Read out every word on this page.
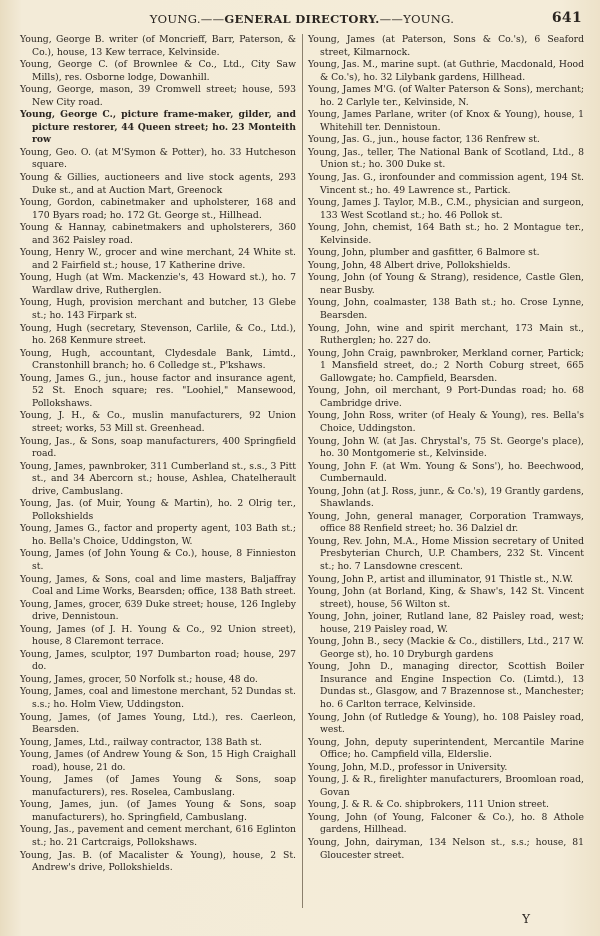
YOUNG.——GENERAL DIRECTORY.——YOUNG.	641

Young, George B. writer (of Moncrieff, Barr, Paterson, & Co.), house, 13 Kew terrace, Kelvinside.

Young, George C. (of Brownlee & Co., Ltd., City Saw Mills), res. Osborne lodge, Dowanhill.

Young, George, mason, 39 Cromwell street; house, 593 New City road.

Young, George C., picture frame-maker, gilder, and picture restorer, 44 Queen street; ho. 23 Monteith row

Young, Geo. O. (at M'Symon & Potter), ho. 33 Hutcheson square.

Young & Gillies, auctioneers and live stock agents, 293 Duke st., and at Auction Mart, Greenock

Young, Gordon, cabinetmaker and upholsterer, 168 and 170 Byars road; ho. 172 Gt. George st., Hillhead.

Young & Hannay, cabinetmakers and upholsterers, 360 and 362 Paisley road.

Young, Henry W., grocer and wine merchant, 24 White st. and 2 Fairfield st.; house, 17 Katherine drive.

Young, Hugh (at Wm. Mackenzie's, 43 Howard st.), ho. 7 Wardlaw drive, Rutherglen.

Young, Hugh, provision merchant and butcher, 13 Glebe st.; ho. 143 Firpark st.

Young, Hugh (secretary, Stevenson, Carlile, & Co., Ltd.), ho. 268 Kenmure street.

Young, Hugh, accountant, Clydesdale Bank, Limtd., Cranstonhill branch; ho. 6 Colledge st., P'kshaws.

Young, James G., jun., house factor and insurance agent, 52 St. Enoch square; res. "Loohiel," Mansewood, Pollokshaws.

Young, J. H., & Co., muslin manufacturers, 92 Union street; works, 53 Mill st. Greenhead.

Young, Jas., & Sons, soap manufacturers, 400 Springfield road.

Young, James, pawnbroker, 311 Cumberland st., s.s., 3 Pitt st., and 34 Abercorn st.; house, Ashlea, Chatelherault drive, Cambuslang.

Young, Jas. (of Muir, Young & Martin), ho. 2 Olrig ter., Pollokshields

Young, James G., factor and property agent, 103 Bath st.; ho. Bella's Choice, Uddingston, W.

Young, James (of John Young & Co.), house, 8 Finnieston st.

Young, James, & Sons, coal and lime masters, Baljaffray Coal and Lime Works, Bearsden; office, 138 Bath street.

Young, James, grocer, 639 Duke street; house, 126 Ingleby drive, Dennistoun.

Young, James (of J. H. Young & Co., 92 Union street), house, 8 Claremont terrace.

Young, James, sculptor, 197 Dumbarton road; house, 297 do.

Young, James, grocer, 50 Norfolk st.; house, 48 do.

Young, James, coal and limestone merchant, 52 Dundas st. s.s.; ho. Holm View, Uddingston.

Young, James, (of James Young, Ltd.), res. Caerleon, Bearsden.

Young, James, Ltd., railway contractor, 138 Bath st.

Young, James (of Andrew Young & Son, 15 High Craighall road), house, 21 do.

Young, James (of James Young & Sons, soap manufacturers), res. Roselea, Cambuslang.

Young, James, jun. (of James Young & Sons, soap manufacturers), ho. Springfield, Cambuslang.

Young, Jas., pavement and cement merchant, 616 Eglinton st.; ho. 21 Cartcraigs, Pollokshaws.

Young, Jas. B. (of Macalister & Young), house, 2 St. Andrew's drive, Pollokshields.

Young, James (at Paterson, Sons & Co.'s), 6 Seaford street, Kilmarnock.

Young, Jas. M., marine supt. (at Guthrie, Macdonald, Hood & Co.'s), ho. 32 Lilybank gardens, Hillhead.

Young, James M'G. (of Walter Paterson & Sons), merchant; ho. 2 Carlyle ter., Kelvinside, N.

Young, James Parlane, writer (of Knox & Young), house, 1 Whitehill ter. Dennistoun.

Young, Jas. G., jun., house factor, 136 Renfrew st.

Young, Jas., teller, The National Bank of Scotland, Ltd., 8 Union st.; ho. 300 Duke st.

Young, Jas. G., ironfounder and commission agent, 194 St. Vincent st.; ho. 49 Lawrence st., Partick.

Young, James J. Taylor, M.B., C.M., physician and surgeon, 133 West Scotland st.; ho. 46 Pollok st.

Young, John, chemist, 164 Bath st.; ho. 2 Montague ter., Kelvinside.

Young, John, plumber and gasfitter, 6 Balmore st.

Young, John, 48 Albert drive, Pollokshields.

Young, John (of Young & Strang), residence, Castle Glen, near Busby.

Young, John, coalmaster, 138 Bath st.; ho. Crose Lynne, Bearsden.

Young, John, wine and spirit merchant, 173 Main st., Rutherglen; ho. 227 do.

Young, John Craig, pawnbroker, Merkland corner, Partick; 1 Mansfield street, do.; 2 North Coburg street, 665 Gallowgate; ho. Campfield, Bearsden.

Young, John, oil merchant, 9 Port-Dundas road; ho. 68 Cambridge drive.

Young, John Ross, writer (of Healy & Young), res. Bella's Choice, Uddingston.

Young, John W. (at Jas. Chrystal's, 75 St. George's place), ho. 30 Montgomerie st., Kelvinside.

Young, John F. (at Wm. Young & Sons'), ho. Beechwood, Cumbernauld.

Young, John (at J. Ross, junr., & Co.'s), 19 Grantly gardens, Shawlands.

Young, John, general manager, Corporation Tramways, office 88 Renfield street; ho. 36 Dalziel dr.

Young, Rev. John, M.A., Home Mission secretary of United Presbyterian Church, U.P. Chambers, 232 St. Vincent st.; ho. 7 Lansdowne crescent.

Young, John P., artist and illuminator, 91 Thistle st., N.W.

Young, John (at Borland, King, & Shaw's, 142 St. Vincent street), house, 56 Wilton st.

Young, John, joiner, Rutland lane, 82 Paisley road, west; house, 219 Paisley road, W.

Young, John B., secy (Mackie & Co., distillers, Ltd., 217 W. George st), ho. 10 Dryburgh gardens

Young, John D., managing director, Scottish Boiler Insurance and Engine Inspection Co. (Limtd.), 13 Dundas st., Glasgow, and 7 Brazennose st., Manchester; ho. 6 Carlton terrace, Kelvinside.

Young, John (of Rutledge & Young), ho. 108 Paisley road, west.

Young, John, deputy superintendent, Mercantile Marine Office; ho. Campfield villa, Elderslie.

Young, John, M.D., professor in University.

Young, J. & R., firelighter manufacturers, Broomloan road, Govan

Young, J. & R. & Co. shipbrokers, 111 Union street.

Young, John (of Young, Falconer & Co.), ho. 8 Athole gardens, Hillhead.

Young, John, dairyman, 134 Nelson st., s.s.; house, 81 Gloucester street.

Y
